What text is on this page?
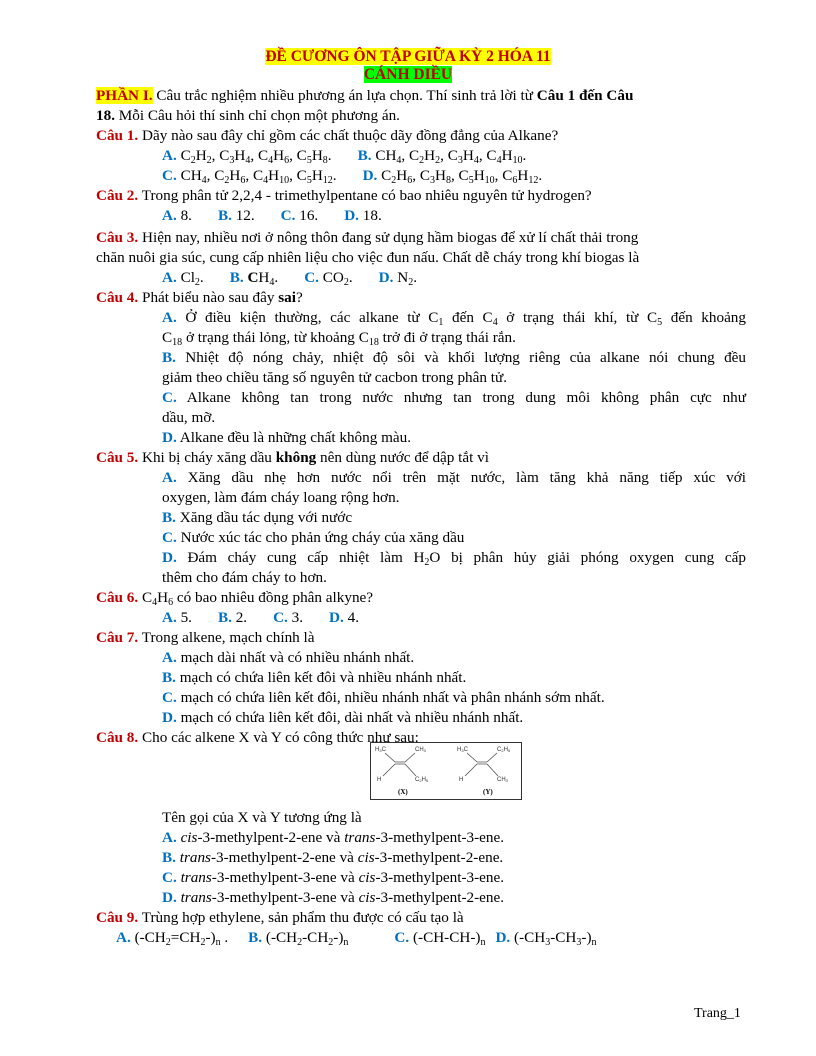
ĐỀ CƯƠNG ÔN TẬP GIỮA KỲ 2 HÓA 11
CÁNH DIỀU
PHẦN I. Câu trắc nghiệm nhiều phương án lựa chọn. Thí sinh trả lời từ Câu 1 đến Câu
18. Mỗi Câu hỏi thí sinh chỉ chọn một phương án.
Câu 1. Dãy nào sau đây chỉ gồm các chất thuộc dãy đồng đẳng của Alkane?
A. $C_2H_2$, $C_3H_4$, $C_4H_6$, $C_5H_8$. B. $CH_4$, $C_2H_2$, $C_3H_4$, $C_4H_{10}$.
C. $CH_4$, $C_2H_6$, $C_4H_{10}$, $C_5H_{12}$. D. $C_2H_6$, $C_3H_8$, $C_5H_{10}$, $C_6H_{12}$.
Câu 2. Trong phân tử 2,2,4 - trimethylpentane có bao nhiêu nguyên tử hydrogen?
A. 8. B. 12. C. 16. D. 18.
Câu 3. Hiện nay, nhiều nơi ở nông thôn đang sử dụng hầm biogas để xử lí chất thải trong
chăn nuôi gia súc, cung cấp nhiên liệu cho việc đun nấu. Chất dễ cháy trong khí biogas là
A. $Cl_2$. B. $CH_4$. C. $CO_2$. D. $N_2$.
Câu 4. Phát biểu nào sau đây sai?
A. Ở điều kiện thường, các alkane từ $C_1$ đến $C_4$ ở trạng thái khí, từ $C_5$ đến khoảng
$C_{18}$ ở trạng thái lỏng, từ khoảng $C_{18}$ trở đi ở trạng thái rắn.
B. Nhiệt độ nóng chảy, nhiệt độ sôi và khối lượng riêng của alkane nói chung đều
giảm theo chiều tăng số nguyên tử cacbon trong phân tử.
C. Alkane không tan trong nước nhưng tan trong dung môi không phân cực như
dầu, mỡ.
D. Alkane đều là những chất không màu.
Câu 5. Khi bị cháy xăng dầu không nên dùng nước để dập tắt vì
A. Xăng dầu nhẹ hơn nước nổi trên mặt nước, làm tăng khả năng tiếp xúc với
oxygen, làm đám cháy loang rộng hơn.
B. Xăng dầu tác dụng với nước
C. Nước xúc tác cho phản ứng cháy của xăng dầu
D. Đám cháy cung cấp nhiệt làm $H_2O$ bị phân hủy giải phóng oxygen cung cấp
thêm cho đám cháy to hơn.
Câu 6. $C_4H_6$ có bao nhiêu đồng phân alkyne?
A. 5. B. 2. C. 3. D. 4.
Câu 7. Trong alkene, mạch chính là
A. mạch dài nhất và có nhiều nhánh nhất.
B. mạch có chứa liên kết đôi và nhiều nhánh nhất.
C. mạch có chứa liên kết đôi, nhiều nhánh nhất và phân nhánh sớm nhất.
D. mạch có chứa liên kết đôi, dài nhất và nhiều nhánh nhất.
Câu 8. Cho các alkene X và Y có công thức như sau:
H3C	CH3
H	C2H5
H3C	C2H5
H	CH3
(X)	(Y)
Tên gọi của X và Y tương ứng là
A. cis-3-methylpent-2-ene và trans-3-methylpent-3-ene.
B. trans-3-methylpent-2-ene và cis-3-methylpent-2-ene.
C. trans-3-methylpent-3-ene và cis-3-methylpent-3-ene.
D. trans-3-methylpent-3-ene và cis-3-methylpent-2-ene.
Câu 9. Trùng hợp ethylene, sản phẩm thu được có cấu tạo là
A. $(-CH_2=CH_2-)_n$ . B. $(-CH_2-CH_2-)_n$	C. $(-CH-CH-)_n$ D. $(-CH_3-CH_3-)_n$
Trang_1
